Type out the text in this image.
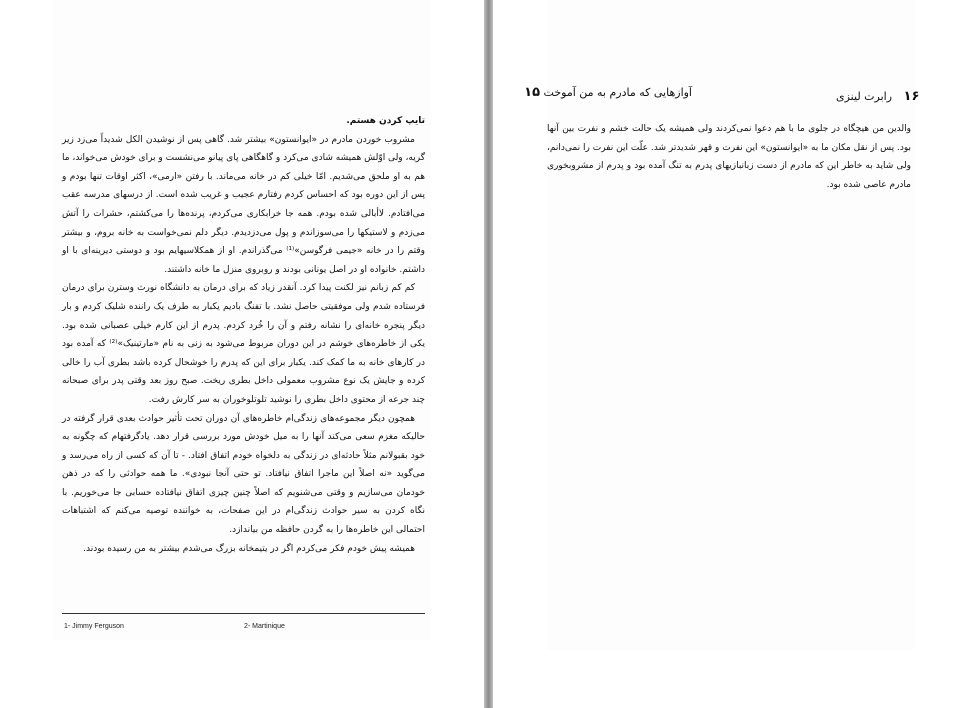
آوازهایی که مادرم به من آموخت ۱۵

تایپ کردن هستم.

مشروب خوردن مادرم در «ایوانستون» بیشتر شد. گاهی پس از نوشیدن الکل شدیداً می‌زد زیر گریه، ولی اوّلش همیشه شادی می‌کرد و گاهگاهی پای پیانو می‌نشست و برای خودش می‌خواند، ما هم به او ملحق می‌شدیم. امّا خیلی کم در خانه می‌ماند. با رفتن «ارمی»، اکثر اوقات تنها بودم و پس از این دوره بود که احساس کردم رفتارم عجیب و غریب شده است. از درسهای مدرسه عقب می‌افتادم. لاأبالی شده بودم. همه جا خرابکاری می‌کردم، پرنده‌ها را می‌کشتم، حشرات را آتش می‌زدم و لاستیکها را می‌سوزاندم و پول می‌دزدیدم. دیگر دلم نمی‌خواست به خانه بروم، و بیشتر وقتم را در خانه «جیمی فرگوسن»⁽¹⁾ می‌گذراندم. او از همکلاسیهایم بود و دوستی دیرینه‌ای با او داشتم. خانواده او در اصل یونانی بودند و روبروی منزل ما خانه داشتند.

کم کم زبانم نیز لکنت پیدا کرد. آنقدر زیاد که برای درمان به دانشگاه نورث وسترن برای درمان فرستاده شدم ولی موفقیتی حاصل نشد. با تفنگ بادیم یکبار به طرف یک راننده شلیک کردم و بار دیگر پنجره خانه‌ای را نشانه رفتم و آن را خُرد کردم. پدرم از این کارم خیلی عصبانی شده بود. یکی از خاطره‌های خوشم در این دوران مربوط می‌شود به زنی به نام «مارتینیک»⁽²⁾ که آمده بود در کارهای خانه به ما کمک کند. یکبار برای این که پدرم را خوشحال کرده باشد بطری آب را خالی کرده و جایش یک نوع مشروب معمولی داخل بطری ریخت. صبح روز بعد وقتی پدر برای صبحانه چند جرعه از محتوی داخل بطری را نوشید تلوتلوخوران به سر کارش رفت.

همچون دیگر مجموعه‌های زندگی‌ام خاطره‌های آن دوران تحت تأثیر حوادث بعدی قرار گرفته در حالیکه مغزم سعی می‌کند آنها را به میل خودش مورد بررسی قرار دهد. یادگرفتهام که چگونه به خود بقبولانم مثلاً حادثه‌ای در زندگی به دلخواه خودم اتفاق افتاد. - تا آن که کسی از راه می‌رسد و می‌گوید «نه اصلاً این ماجرا اتفاق نیافتاد. تو حتی آنجا نبودی». ما همه حوادثی را که در ذهن خودمان می‌سازیم و وقتی می‌شنویم که اصلاً چنین چیزی اتفاق نیافتاده حسابی جا می‌خوریم. با نگاه کردن به سیر حوادث زندگی‌ام در این صفحات، به خواننده توصیه می‌کنم که اشتباهات احتمالی این خاطره‌ها را به گردن حافظه من بیاندازد.

همیشه پیش خودم فکر می‌کردم اگر در یتیمخانه بزرگ می‌شدم بیشتر به من رسیده بودند.

1- Jimmy Ferguson	2- Martinique
۱۶ رابرت لینزی

والدین من هیچگاه در جلوی ما با هم دعوا نمی‌کردند ولی همیشه یک حالت خشم و نفرت بین آنها بود. پس از نقل مکان ما به «ایوانستون» این نفرت و قهر شدیدتر شد. علّت این نفرت را نمی‌دانم، ولی شاید به خاطر این که مادرم از دست زبانبازیهای پدرم به تنگ آمده بود و پدرم از مشروبخوری مادرم عاصی شده بود.
